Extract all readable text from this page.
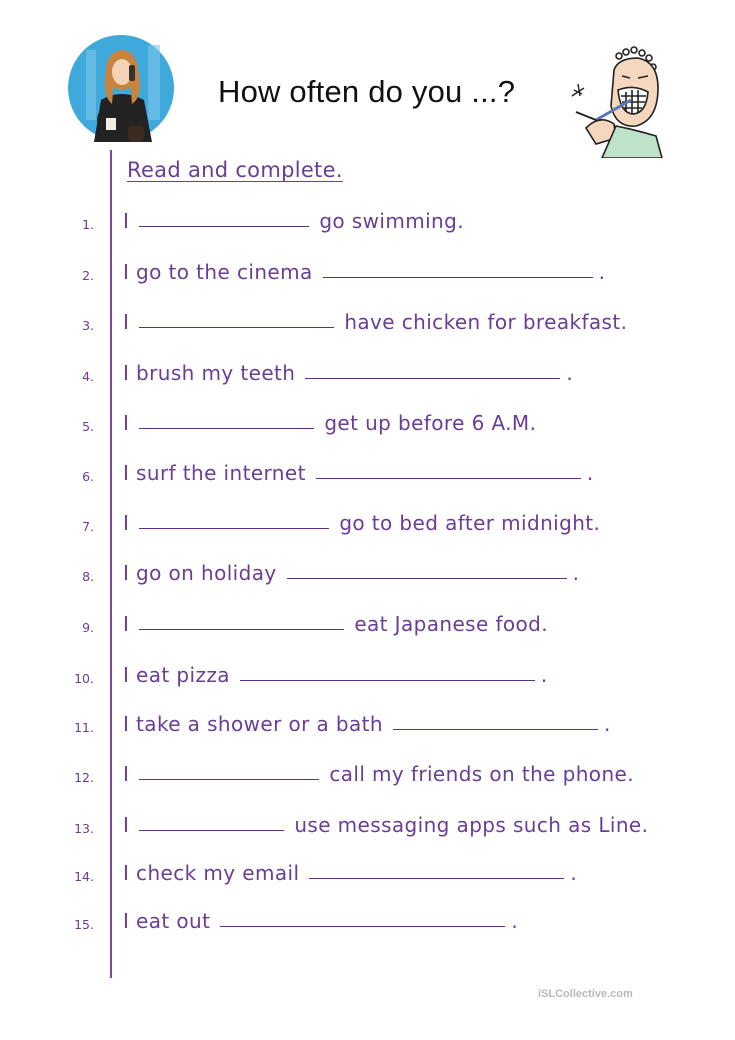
How often do you ...?
Read and complete.
1. I	go swimming.
2. I go to the cinema	.
3. I	have chicken for breakfast.
4. I brush my teeth	.
5. I	get up before 6 A.M.
6. I surf the internet	.
7. I	go to bed after midnight.
8. I go on holiday	.
9. I	eat Japanese food.
10. I eat pizza	.
11. I take a shower or a bath	.
12. I	call my friends on the phone.
13. I	use messaging apps such as Line.
14. I check my email	.
15. I eat out	.
iSLCollective.com
